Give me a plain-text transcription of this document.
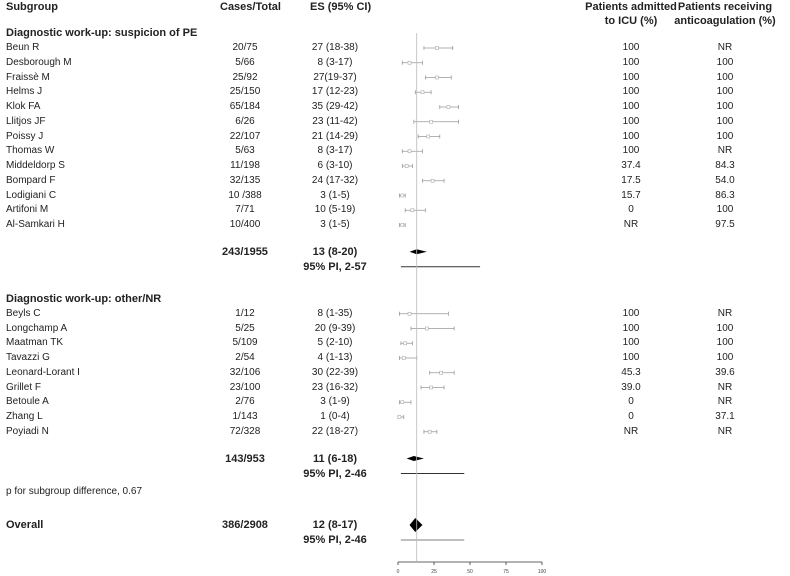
Subgroup	Cases/Total	ES (95% CI)	Patients admitted
to ICU (%)
Patients receiving
anticoagulation (%)
Diagnostic work-up: suspicion of PE
Beun R	20/75	27 (18-38)	100	NR
Desborough M	5/66	8 (3-17)	100	100
Fraissè M	25/92	27(19-37)	100	100
Helms J	25/150	17 (12-23)	100	100
Klok FA	65/184	35 (29-42)	100	100
Llitjos JF	6/26	23 (11-42)	100	100
Poissy J	22/107	21 (14-29)	100	100
Thomas W	5/63	8 (3-17)	100	NR
Middeldorp S	11/198	6 (3-10)	37.4	84.3
Bompard F	32/135	24 (17-32)	17.5	54.0
Lodigiani C	10 /388	3 (1-5)	15.7	86.3
Artifoni M	7/71	10 (5-19)	0	100
Al-Samkari H	10/400	3 (1-5)	NR	97.5
243/1955	13 (8-20)
95% PI, 2-57
Diagnostic work-up: other/NR
Beyls C	1/12	8 (1-35)	100	NR
Longchamp A	5/25	20 (9-39)	100	100
Maatman TK	5/109	5 (2-10)	100	100
Tavazzi G	2/54	4 (1-13)	100	100
Leonard-Lorant I	32/106	30 (22-39)	45.3	39.6
Grillet F	23/100	23 (16-32)	39.0	NR
Betoule A	2/76	3 (1-9)	0	NR
Zhang L	1/143	1 (0-4)	0	37.1
Poyiadi N	72/328	22 (18-27)	NR	NR
143/953	11 (6-18)
95% PI, 2-46
p for subgroup difference, 0.67
Overall	386/2908	12 (8-17)
95% PI, 2-46
0	25	50	75	100
